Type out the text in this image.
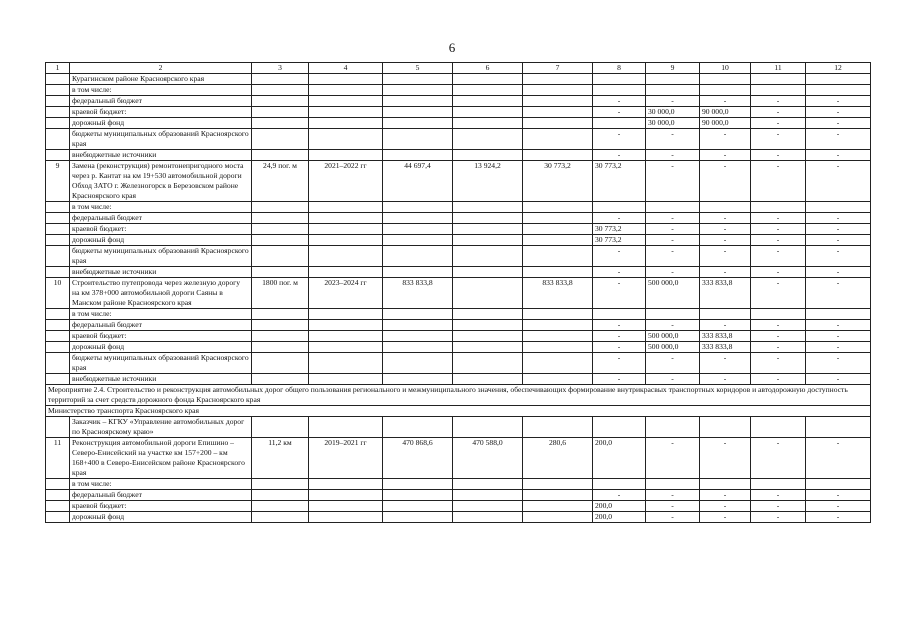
6
1	2	3	4	5	6	7	8	9	10	11	12
	Курагинском районе Красноярского края										
	в том числе:										
	федеральный бюджет						-	-	-	-	-
	краевой бюджет:						-	30 000,0	90 000,0	-	-
	дорожный фонд							30 000,0	90 000,0	-	-
	бюджеты муниципальных образований Красноярского края						-	-	-	-	-
	внебюджетные источники						-	-	-	-	-
9	Замена (реконструкция) ремонтонепригодного моста через р. Кантат на км 19+530 автомобильной дороги Обход ЗАТО г. Железногорск в Березовском районе Красноярского края	24,9 пог. м	2021–2022 гг	44 697,4	13 924,2	30 773,2	30 773,2	-	-	-	-
	в том числе:										
	федеральный бюджет						-	-	-	-	-
	краевой бюджет:						30 773,2	-	-	-	-
	дорожный фонд						30 773,2	-	-	-	-
	бюджеты муниципальных образований Красноярского края						-	-	-	-	-
	внебюджетные источники						-	-	-	-	-
10	Строительство путепровода через железную дорогу на км 378+000 автомобильной дороги Саяны в Манском районе Красноярского края	1800 пог. м	2023–2024 гг	833 833,8		833 833,8	-	500 000,0	333 833,8	-	-
	в том числе:										
	федеральный бюджет						-	-	-	-	-
	краевой бюджет:						-	500 000,0	333 833,8	-	-
	дорожный фонд						-	500 000,0	333 833,8	-	-
	бюджеты муниципальных образований Красноярского края						-	-	-	-	-
	внебюджетные источники						-	-	-	-	-
Мероприятие 2.4. Строительство и реконструкция автомобильных дорог общего пользования регионального и межмуниципального значения, обеспечивающих формирование внутрикрасвых транспортных коридоров и автодорожную доступность территорий за счет средств дорожного фонда Красноярского края											
Министерство транспорта Красноярского края											
	Заказчик – КГКУ «Управление автомобильных дорог по Красноярскому краю»										
11	Реконструкция автомобильной дороги Епишино – Северо-Енисейский на участке км 157+200 – км 168+400 в Северо-Енисейском районе Красноярского края	11,2 км	2019–2021 гг	470 868,6	470 588,0	280,6	200,0	-	-	-	-
	в том числе:										
	федеральный бюджет						-	-	-	-	-
	краевой бюджет:						200,0	-	-	-	-
	дорожный фонд						200,0	-	-	-	-
